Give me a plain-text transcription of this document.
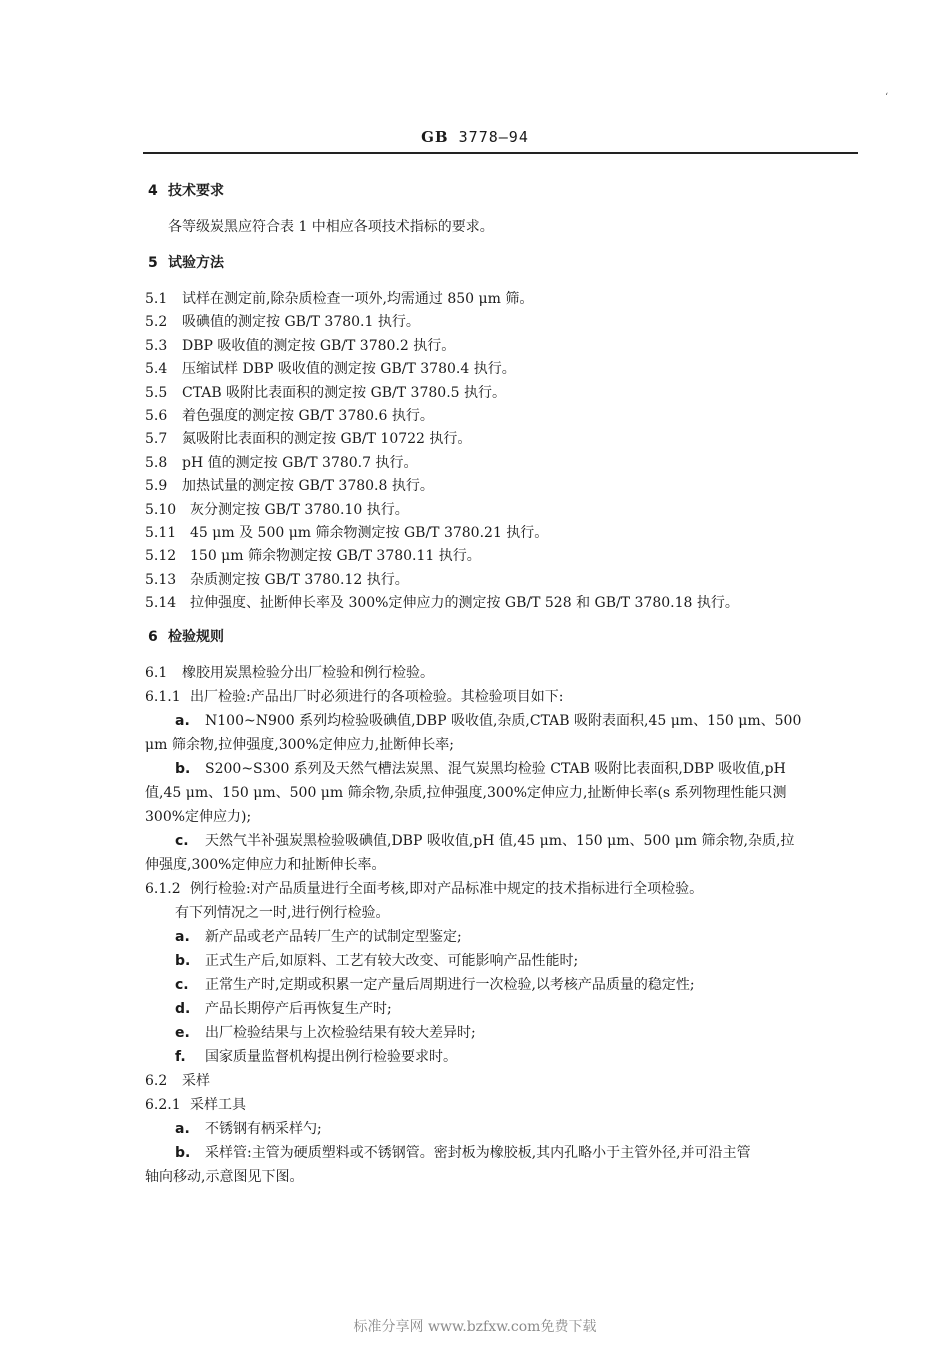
‘
GB 3778—94
4 技术要求
各等级炭黑应符合表 1 中相应各项技术指标的要求。
5 试验方法
5.1 试样在测定前,除杂质检查一项外,均需通过 850 μm 筛。
5.2 吸碘值的测定按 GB/T 3780.1 执行。
5.3 DBP 吸收值的测定按 GB/T 3780.2 执行。
5.4 压缩试样 DBP 吸收值的测定按 GB/T 3780.4 执行。
5.5 CTAB 吸附比表面积的测定按 GB/T 3780.5 执行。
5.6 着色强度的测定按 GB/T 3780.6 执行。
5.7 氮吸附比表面积的测定按 GB/T 10722 执行。
5.8 pH 值的测定按 GB/T 3780.7 执行。
5.9 加热试量的测定按 GB/T 3780.8 执行。
5.10 灰分测定按 GB/T 3780.10 执行。
5.11 45 μm 及 500 μm 筛余物测定按 GB/T 3780.21 执行。
5.12 150 μm 筛余物测定按 GB/T 3780.11 执行。
5.13 杂质测定按 GB/T 3780.12 执行。
5.14 拉伸强度、扯断伸长率及 300%定伸应力的测定按 GB/T 528 和 GB/T 3780.18 执行。
6 检验规则
6.1 橡胶用炭黑检验分出厂检验和例行检验。
6.1.1 出厂检验:产品出厂时必须进行的各项检验。其检验项目如下:
a. N100~N900 系列均检验吸碘值,DBP 吸收值,杂质,CTAB 吸附表面积,45 μm、150 μm、500
μm 筛余物,拉伸强度,300%定伸应力,扯断伸长率;
b. S200~S300 系列及天然气槽法炭黑、混气炭黑均检验 CTAB 吸附比表面积,DBP 吸收值,pH
值,45 μm、150 μm、500 μm 筛余物,杂质,拉伸强度,300%定伸应力,扯断伸长率(s 系列物理性能只测
300%定伸应力);
c. 天然气半补强炭黑检验吸碘值,DBP 吸收值,pH 值,45 μm、150 μm、500 μm 筛余物,杂质,拉
伸强度,300%定伸应力和扯断伸长率。
6.1.2 例行检验:对产品质量进行全面考核,即对产品标准中规定的技术指标进行全项检验。
有下列情况之一时,进行例行检验。
a. 新产品或老产品转厂生产的试制定型鉴定;
b. 正式生产后,如原料、工艺有较大改变、可能影响产品性能时;
c. 正常生产时,定期或积累一定产量后周期进行一次检验,以考核产品质量的稳定性;
d. 产品长期停产后再恢复生产时;
e. 出厂检验结果与上次检验结果有较大差异时;
f. 国家质量监督机构提出例行检验要求时。
6.2 采样
6.2.1 采样工具
a. 不锈钢有柄采样勺;
b. 采样管:主管为硬质塑料或不锈钢管。密封板为橡胶板,其内孔略小于主管外径,并可沿主管
轴向移动,示意图见下图。
标准分享网 www.bzfxw.com免费下载
